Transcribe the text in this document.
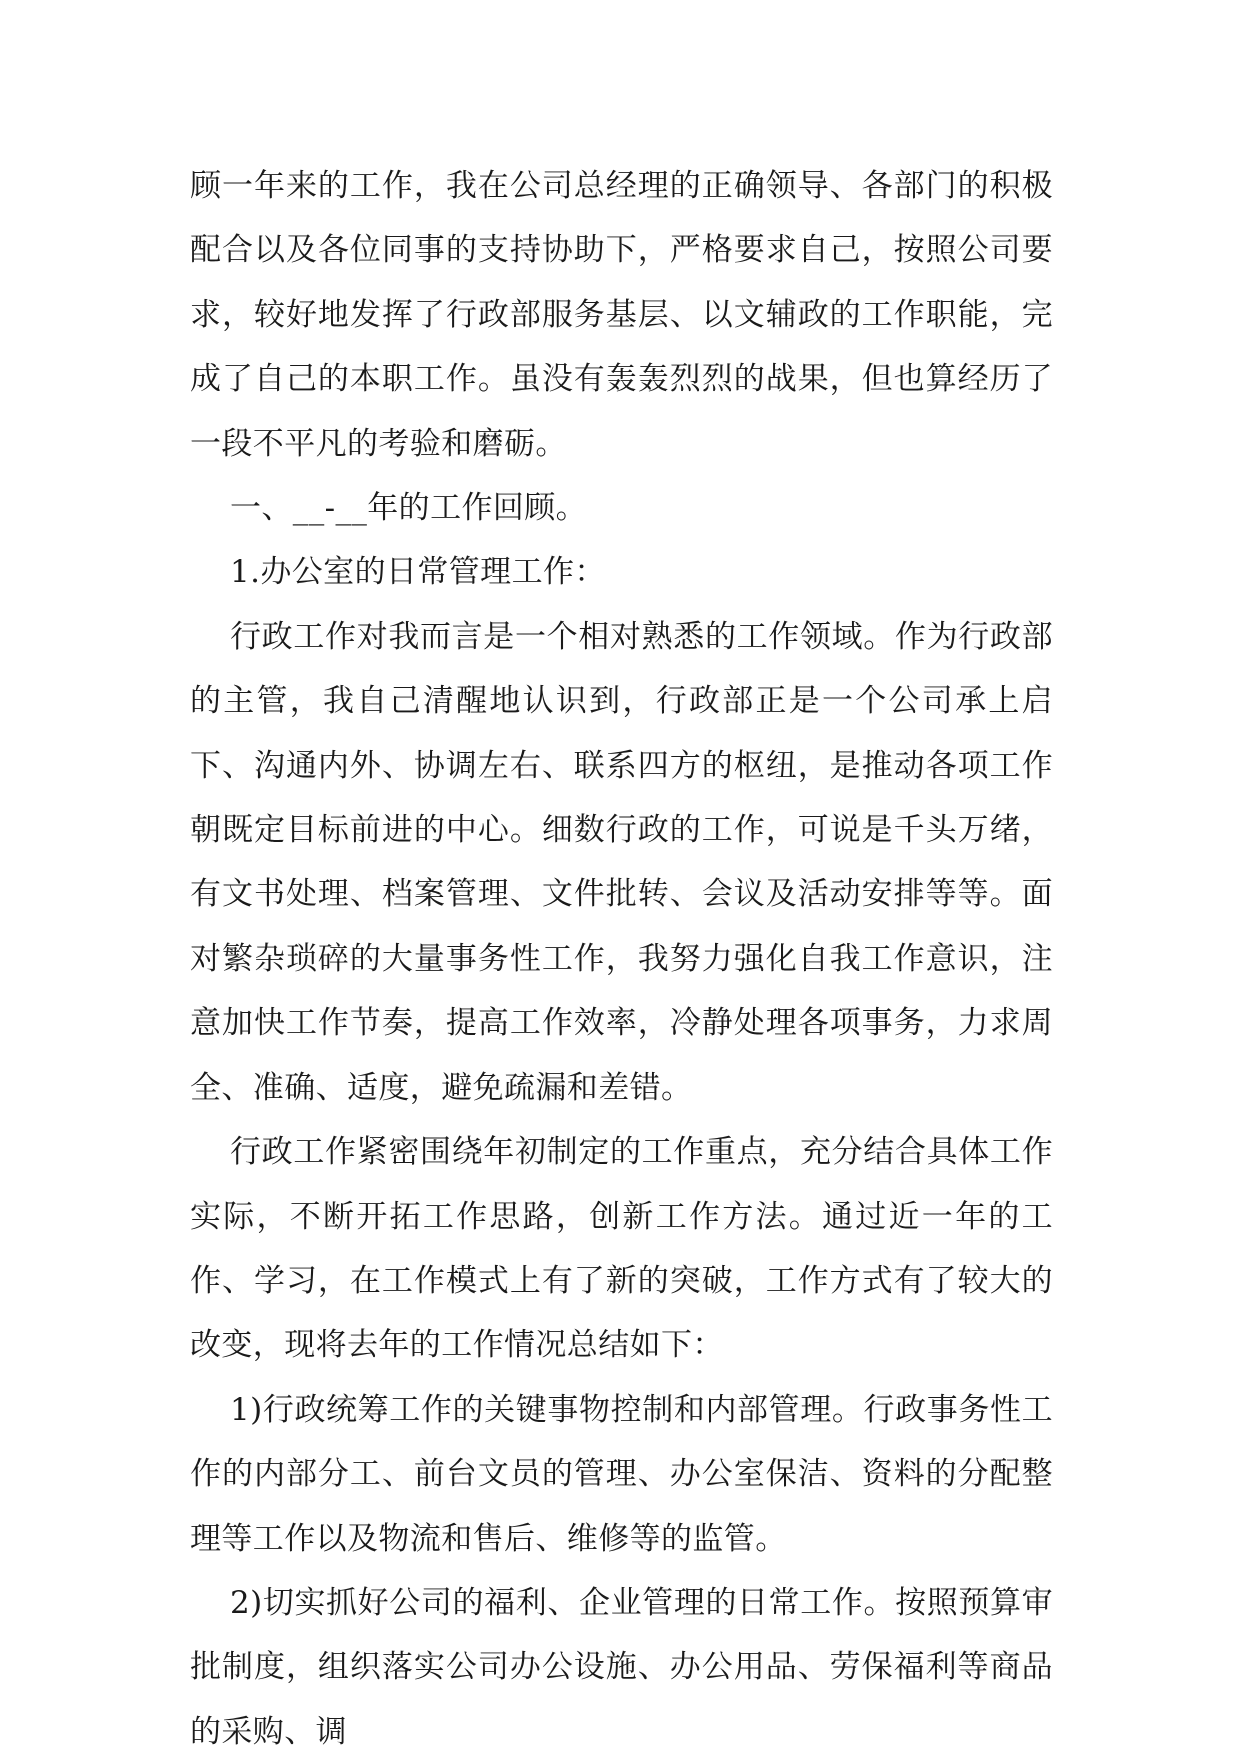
顾一年来的工作，我在公司总经理的正确领导、各部门的积极配合以及各位同事的支持协助下，严格要求自己，按照公司要求，较好地发挥了行政部服务基层、以文辅政的工作职能，完成了自己的本职工作。虽没有轰轰烈烈的战果，但也算经历了一段不平凡的考验和磨砺。

一、__-__年的工作回顾。

1.办公室的日常管理工作：

行政工作对我而言是一个相对熟悉的工作领域。作为行政部的主管，我自己清醒地认识到，行政部正是一个公司承上启下、沟通内外、协调左右、联系四方的枢纽，是推动各项工作朝既定目标前进的中心。细数行政的工作，可说是千头万绪，有文书处理、档案管理、文件批转、会议及活动安排等等。面对繁杂琐碎的大量事务性工作，我努力强化自我工作意识，注意加快工作节奏，提高工作效率，冷静处理各项事务，力求周全、准确、适度，避免疏漏和差错。

行政工作紧密围绕年初制定的工作重点，充分结合具体工作实际，不断开拓工作思路，创新工作方法。通过近一年的工作、学习，在工作模式上有了新的突破，工作方式有了较大的改变，现将去年的工作情况总结如下：

1)行政统筹工作的关键事物控制和内部管理。行政事务性工作的内部分工、前台文员的管理、办公室保洁、资料的分配整理等工作以及物流和售后、维修等的监管。

2)切实抓好公司的福利、企业管理的日常工作。按照预算审批制度，组织落实公司办公设施、办公用品、劳保福利等商品的采购、调
